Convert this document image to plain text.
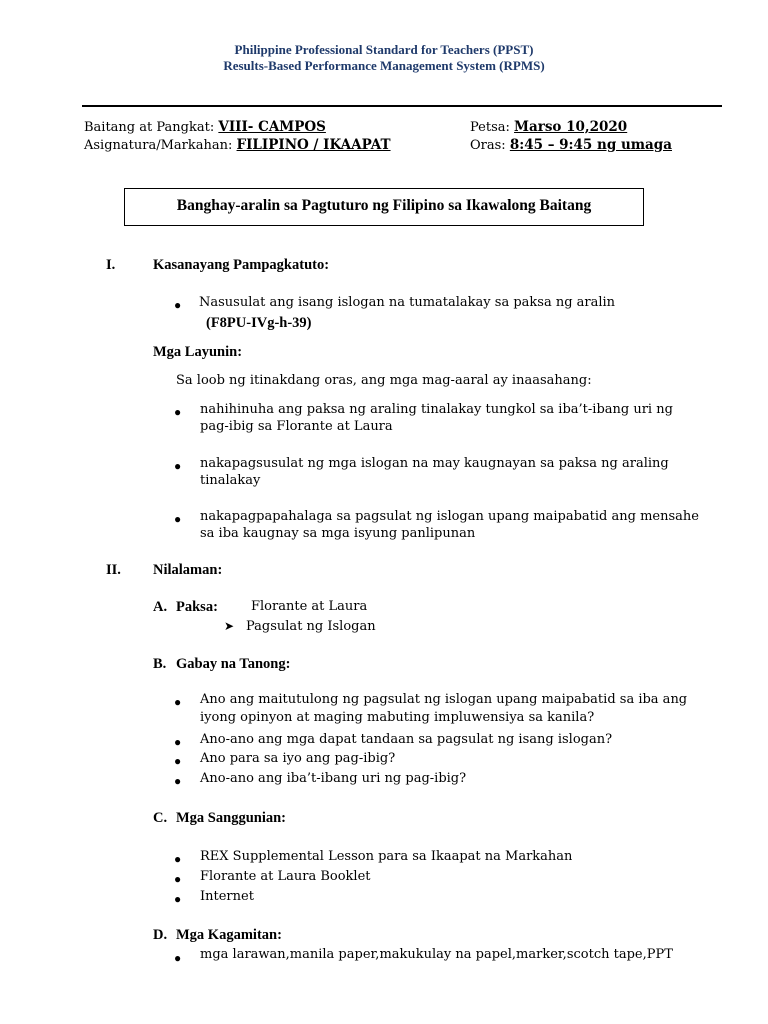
Philippine Professional Standard for Teachers (PPST)
Results-Based Performance Management System (RPMS)
Baitang at Pangkat: VIII- CAMPOS
Asignatura/Markahan: FILIPINO / IKAAPAT
Petsa: Marso 10,2020
Oras: 8:45 – 9:45 ng umaga
Banghay-aralin sa Pagtuturo ng Filipino sa Ikawalong Baitang
I.	Kasanayang Pampagkatuto:
● Nasusulat ang isang islogan na tumatalakay sa paksa ng aralin
(F8PU-IVg-h-39)
Mga Layunin:
Sa loob ng itinakdang oras, ang mga mag-aaral ay inaasahang:
● nahihinuha ang paksa ng araling tinalakay tungkol sa iba’t-ibang uri ng
pag-ibig sa Florante at Laura
● nakapagsusulat ng mga islogan na may kaugnayan sa paksa ng araling
tinalakay
● nakapagpapahalaga sa pagsulat ng islogan upang maipabatid ang mensahe
sa iba kaugnay sa mga isyung panlipunan
II. Nilalaman:
A. Paksa:	Florante at Laura
➤ Pagsulat ng Islogan
B. Gabay na Tanong:
● Ano ang maitutulong ng pagsulat ng islogan upang maipabatid sa iba ang
iyong opinyon at maging mabuting impluwensiya sa kanila?
● Ano-ano ang mga dapat tandaan sa pagsulat ng isang islogan?
● Ano para sa iyo ang pag-ibig?
● Ano-ano ang iba’t-ibang uri ng pag-ibig?
C. Mga Sanggunian:
● REX Supplemental Lesson para sa Ikaapat na Markahan
● Florante at Laura Booklet
● Internet
D. Mga Kagamitan:
● mga larawan,manila paper,makukulay na papel,marker,scotch tape,PPT
